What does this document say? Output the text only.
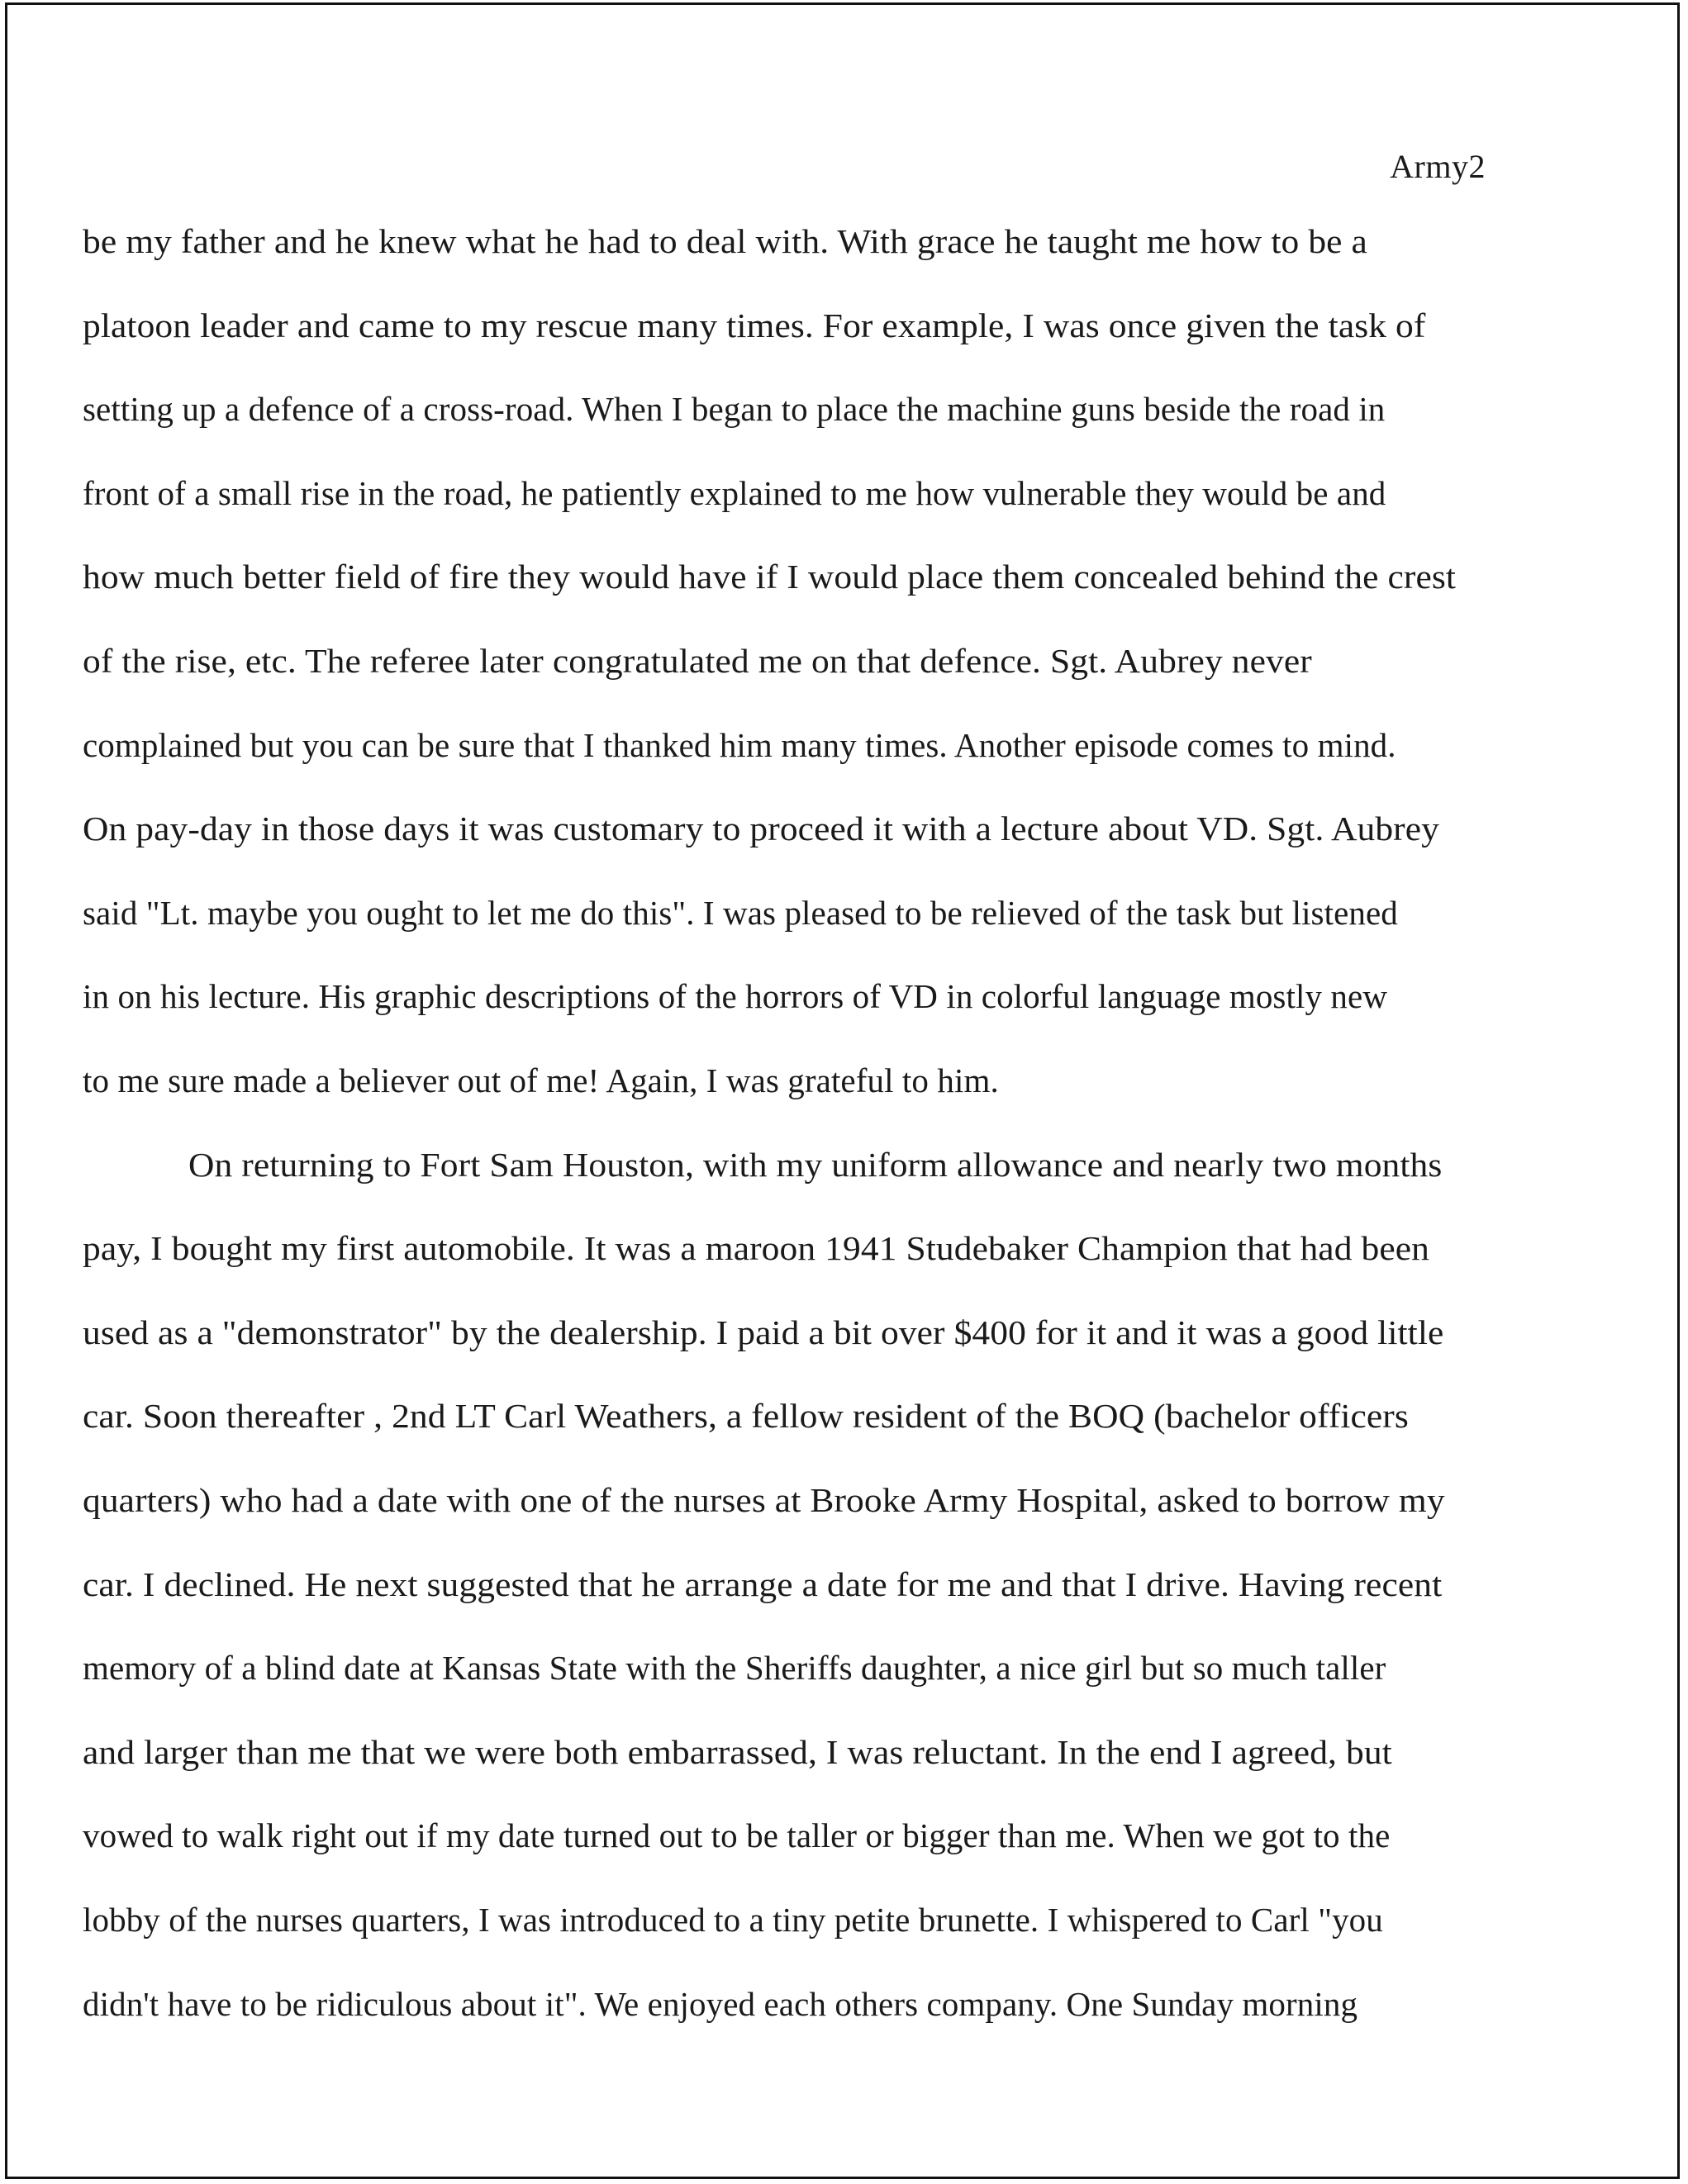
Army2
be my father and he knew what he had to deal with. With grace he taught me how to be a
platoon leader and came to my rescue many times. For example, I was once given the task of
setting up a defence of a cross-road. When I began to place the machine guns beside the road in
front of a small rise in the road, he patiently explained to me how vulnerable they would be and
how much better field of fire they would have if I would place them concealed behind the crest
of the rise, etc. The referee later congratulated me on that defence. Sgt. Aubrey never
complained but you can be sure that I thanked him many times. Another episode comes to mind.
On pay-day in those days it was customary to proceed it with a lecture about VD. Sgt. Aubrey
said "Lt. maybe you ought to let me do this". I was pleased to be relieved of the task but listened
in on his lecture. His graphic descriptions of the horrors of VD in colorful language mostly new
to me sure made a believer out of me! Again, I was grateful to him.
On returning to Fort Sam Houston, with my uniform allowance and nearly two months
pay, I bought my first automobile. It was a maroon 1941 Studebaker Champion that had been
used as a "demonstrator" by the dealership. I paid a bit over $400 for it and it was a good little
car. Soon thereafter , 2nd LT Carl Weathers, a fellow resident of the BOQ (bachelor officers
quarters) who had a date with one of the nurses at Brooke Army Hospital, asked to borrow my
car. I declined. He next suggested that he arrange a date for me and that I drive. Having recent
memory of a blind date at Kansas State with the Sheriffs daughter, a nice girl but so much taller
and larger than me that we were both embarrassed, I was reluctant. In the end I agreed, but
vowed to walk right out if my date turned out to be taller or bigger than me. When we got to the
lobby of the nurses quarters, I was introduced to a tiny petite brunette. I whispered to Carl "you
didn't have to be ridiculous about it". We enjoyed each others company. One Sunday morning
